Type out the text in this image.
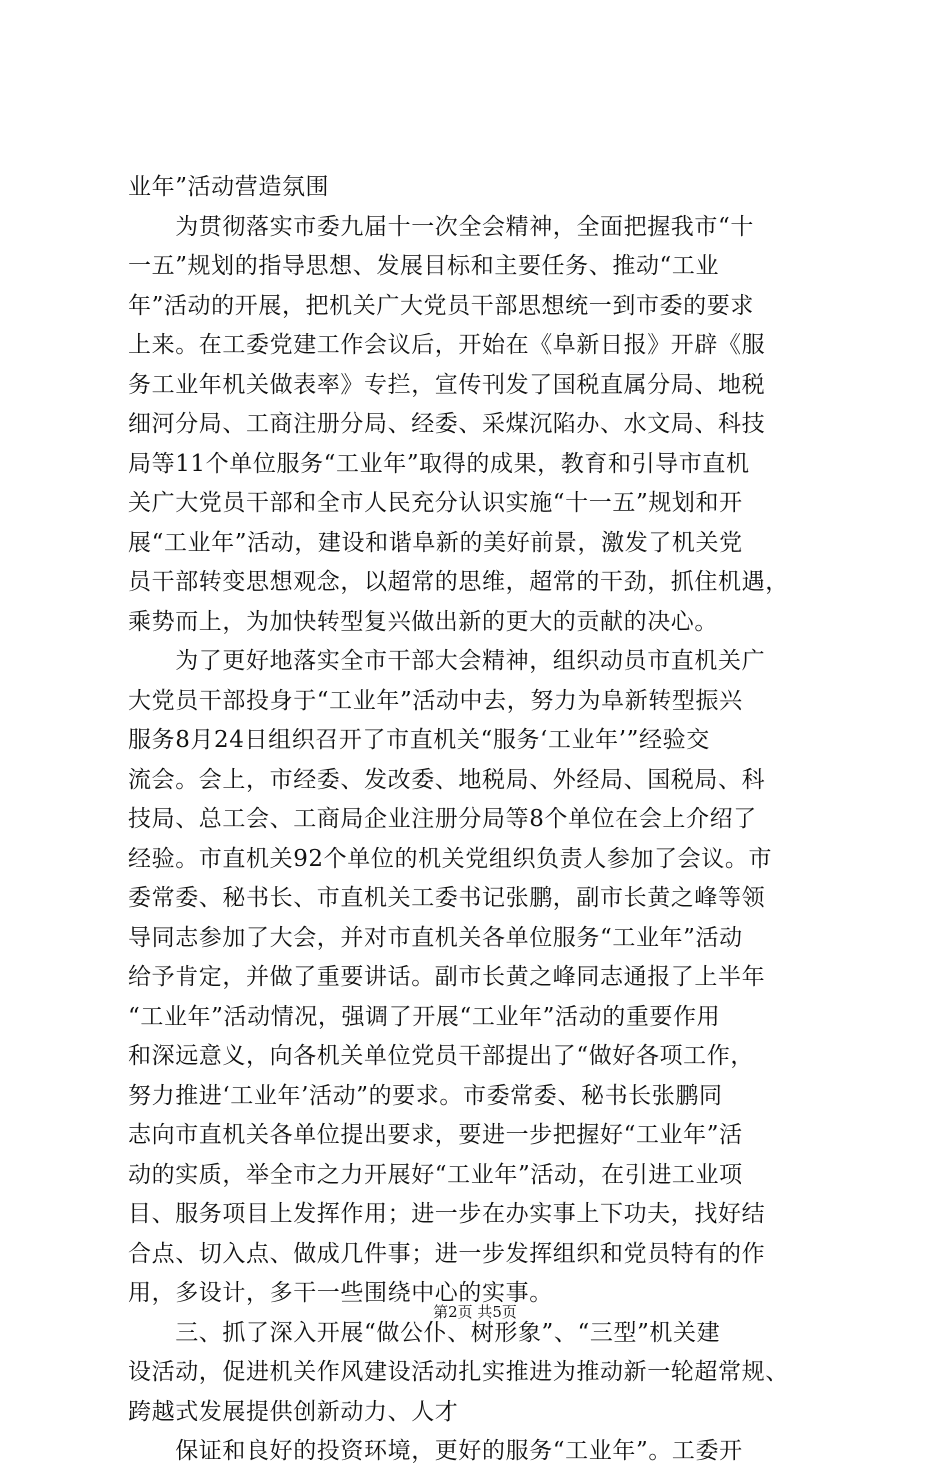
业年”活动营造氛围
　　为贯彻落实市委九届十一次全会精神，全面把握我市“十
一五”规划的指导思想、发展目标和主要任务、推动“工业
年”活动的开展，把机关广大党员干部思想统一到市委的要求
上来。在工委党建工作会议后，开始在《阜新日报》开辟《服
务工业年机关做表率》专拦，宣传刊发了国税直属分局、地税
细河分局、工商注册分局、经委、采煤沉陷办、水文局、科技
局等11个单位服务“工业年”取得的成果，教育和引导市直机
关广大党员干部和全市人民充分认识实施“十一五”规划和开
展“工业年”活动，建设和谐阜新的美好前景，激发了机关党
员干部转变思想观念，以超常的思维，超常的干劲，抓住机遇，
乘势而上，为加快转型复兴做出新的更大的贡献的决心。
　　为了更好地落实全市干部大会精神，组织动员市直机关广
大党员干部投身于“工业年”活动中去，努力为阜新转型振兴
服务8月24日组织召开了市直机关“服务‘工业年’”经验交
流会。会上，市经委、发改委、地税局、外经局、国税局、科
技局、总工会、工商局企业注册分局等8个单位在会上介绍了
经验。市直机关92个单位的机关党组织负责人参加了会议。市
委常委、秘书长、市直机关工委书记张鹏，副市长黄之峰等领
导同志参加了大会，并对市直机关各单位服务“工业年”活动
给予肯定，并做了重要讲话。副市长黄之峰同志通报了上半年
“工业年”活动情况，强调了开展“工业年”活动的重要作用
和深远意义，向各机关单位党员干部提出了“做好各项工作，
努力推进‘工业年’活动”的要求。市委常委、秘书长张鹏同
志向市直机关各单位提出要求，要进一步把握好“工业年”活
动的实质，举全市之力开展好“工业年”活动，在引进工业项
目、服务项目上发挥作用；进一步在办实事上下功夫，找好结
合点、切入点、做成几件事；进一步发挥组织和党员特有的作
用，多设计，多干一些围绕中心的实事。
　　三、抓了深入开展“做公仆、树形象”、“三型”机关建
设活动，促进机关作风建设活动扎实推进为推动新一轮超常规、
跨越式发展提供创新动力、人才
　　保证和良好的投资环境，更好的服务“工业年”。工委开
第2页 共5页
